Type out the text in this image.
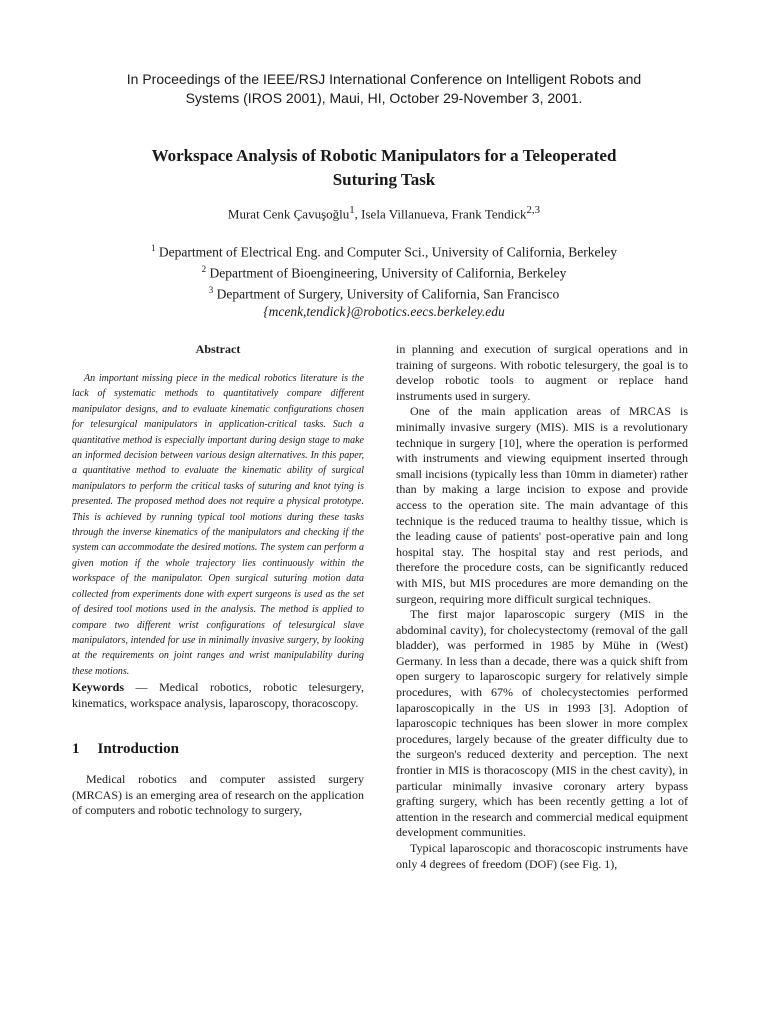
In Proceedings of the IEEE/RSJ International Conference on Intelligent Robots and
Systems (IROS 2001), Maui, HI, October 29-November 3, 2001.
Workspace Analysis of Robotic Manipulators for a Teleoperated
Suturing Task
Murat Cenk Çavuşoğlu$^1$, Isela Villanueva, Frank Tendick$^{2,3}$
$^1$ Department of Electrical Eng. and Computer Sci., University of California, Berkeley
$^2$ Department of Bioengineering, University of California, Berkeley
$^3$ Department of Surgery, University of California, San Francisco
{mcenk,tendick}@robotics.eecs.berkeley.edu
Abstract

An important missing piece in the medical robotics literature is the lack of systematic methods to quantitatively compare different manipulator designs, and to evaluate kinematic configurations chosen for telesurgical manipulators in application-critical tasks. Such a quantitative method is especially important during design stage to make an informed decision between various design alternatives. In this paper, a quantitative method to evaluate the kinematic ability of surgical manipulators to perform the critical tasks of suturing and knot tying is presented. The proposed method does not require a physical prototype. This is achieved by running typical tool motions during these tasks through the inverse kinematics of the manipulators and checking if the system can accommodate the desired motions. The system can perform a given motion if the whole trajectory lies continuously within the workspace of the manipulator. Open surgical suturing motion data collected from experiments done with expert surgeons is used as the set of desired tool motions used in the analysis. The method is applied to compare two different wrist configurations of telesurgical slave manipulators, intended for use in minimally invasive surgery, by looking at the requirements on joint ranges and wrist manipulability during these motions.

Keywords — Medical robotics, robotic telesurgery, kinematics, workspace analysis, laparoscopy, thoracoscopy.

1 Introduction

Medical robotics and computer assisted surgery (MRCAS) is an emerging area of research on the application of computers and robotic technology to surgery,

in planning and execution of surgical operations and in training of surgeons. With robotic telesurgery, the goal is to develop robotic tools to augment or replace hand instruments used in surgery.

One of the main application areas of MRCAS is minimally invasive surgery (MIS). MIS is a revolutionary technique in surgery [10], where the operation is performed with instruments and viewing equipment inserted through small incisions (typically less than 10mm in diameter) rather than by making a large incision to expose and provide access to the operation site. The main advantage of this technique is the reduced trauma to healthy tissue, which is the leading cause of patients' post-operative pain and long hospital stay. The hospital stay and rest periods, and therefore the procedure costs, can be significantly reduced with MIS, but MIS procedures are more demanding on the surgeon, requiring more difficult surgical techniques.

The first major laparoscopic surgery (MIS in the abdominal cavity), for cholecystectomy (removal of the gall bladder), was performed in 1985 by Mühe in (West) Germany. In less than a decade, there was a quick shift from open surgery to laparoscopic surgery for relatively simple procedures, with 67% of cholecystectomies performed laparoscopically in the US in 1993 [3]. Adoption of laparoscopic techniques has been slower in more complex procedures, largely because of the greater difficulty due to the surgeon's reduced dexterity and perception. The next frontier in MIS is thoracoscopy (MIS in the chest cavity), in particular minimally invasive coronary artery bypass grafting surgery, which has been recently getting a lot of attention in the research and commercial medical equipment development communities.

Typical laparoscopic and thoracoscopic instruments have only 4 degrees of freedom (DOF) (see Fig. 1),
